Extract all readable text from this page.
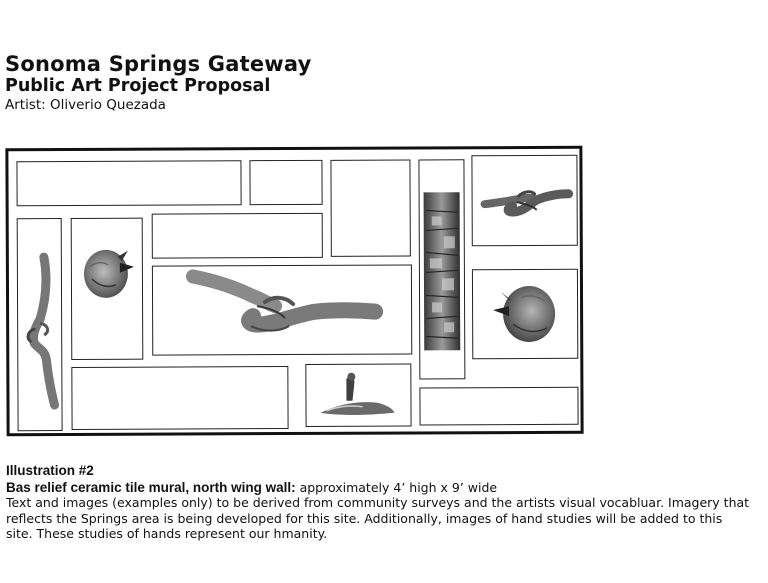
Sonoma Springs Gateway
Public Art Project Proposal

Artist: Oliverio Quezada

Illustration #2

Bas relief ceramic tile mural, north wing wall: approximately 4’ high x 9’ wide

Text and images (examples only) to be derived from community surveys and the artists visual vocabluar. Imagery that reflects the Springs area is being developed for this site. Additionally, images of hand studies will be added to this site. These studies of hands represent our hmanity.
